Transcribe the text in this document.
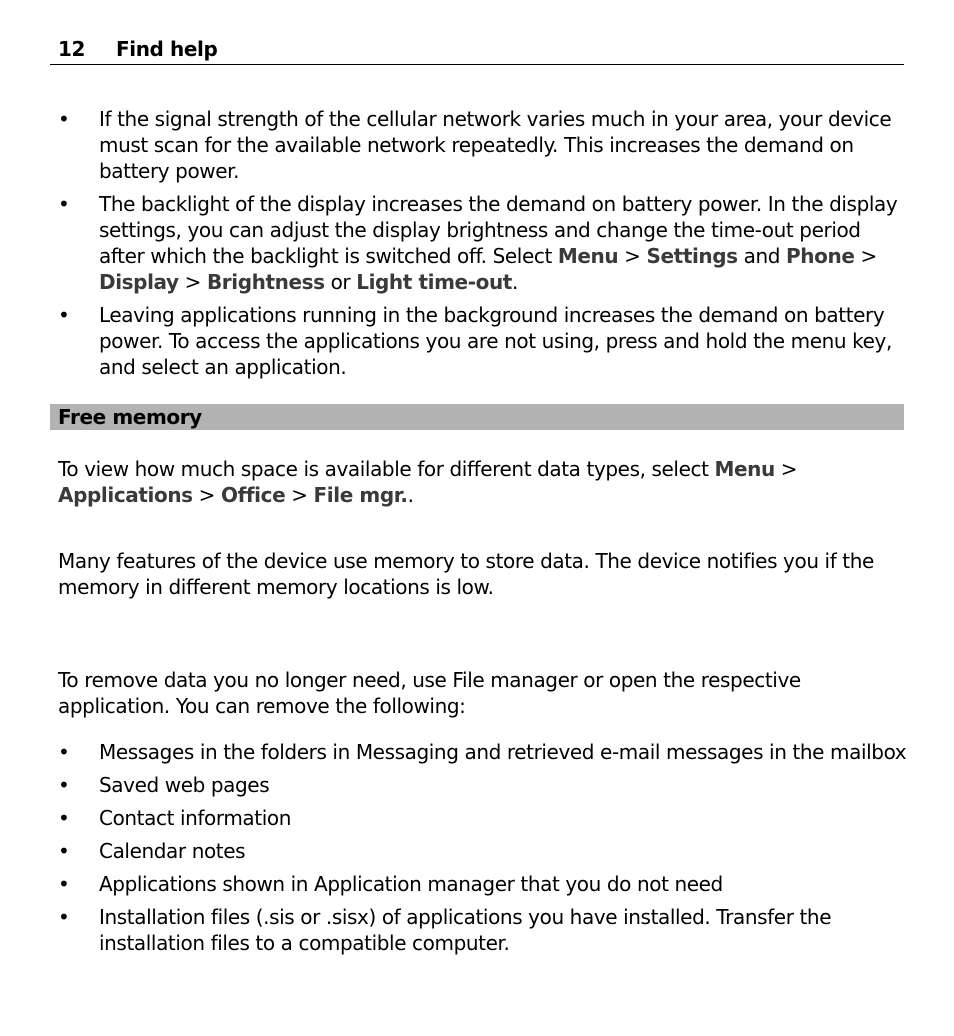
12 Find help
• If the signal strength of the cellular network varies much in your area, your device must scan for the available network repeatedly. This increases the demand on battery power.
• The backlight of the display increases the demand on battery power. In the display settings, you can adjust the display brightness and change the time-out period after which the backlight is switched off. Select Menu > Settings and Phone > Display > Brightness or Light time-out.
• Leaving applications running in the background increases the demand on battery power. To access the applications you are not using, press and hold the menu key, and select an application.
Free memory

To view how much space is available for different data types, select Menu > Applications > Office > File mgr..

Many features of the device use memory to store data. The device notifies you if the memory in different memory locations is low.

To remove data you no longer need, use File manager or open the respective application. You can remove the following:

• Messages in the folders in Messaging and retrieved e-mail messages in the mailbox
• Saved web pages
• Contact information
• Calendar notes
• Applications shown in Application manager that you do not need
• Installation files (.sis or .sisx) of applications you have installed. Transfer the installation files to a compatible computer.
